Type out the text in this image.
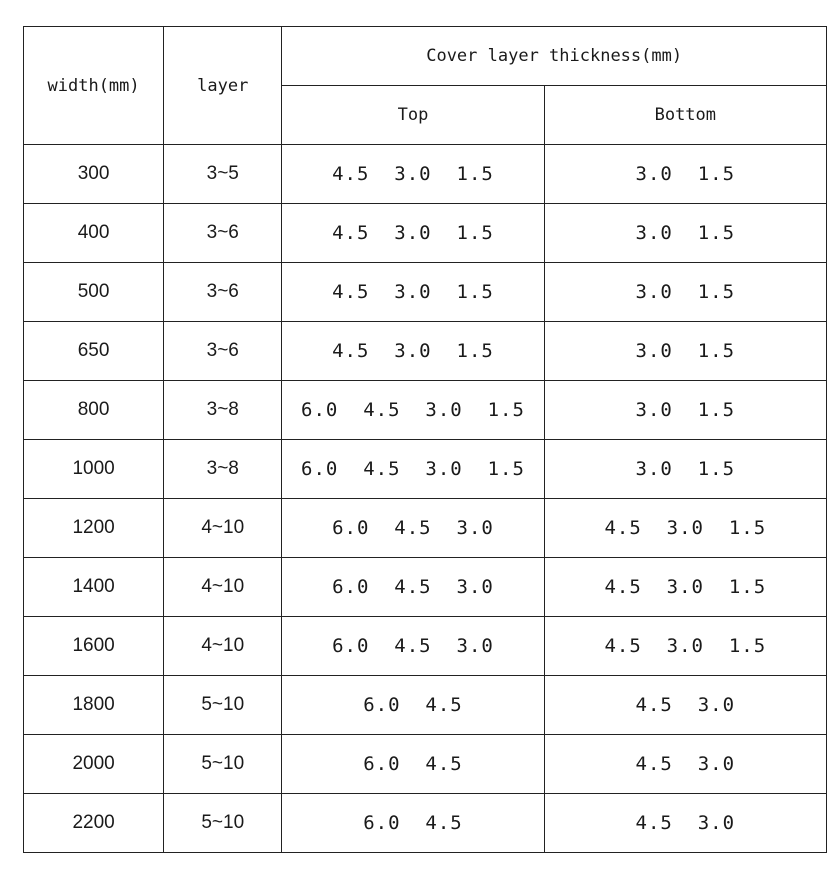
width(mm)	layer	Cover layer thickness(mm)	
		Top	Bottom
300	3~5	4.5  3.0  1.5	3.0  1.5
400	3~6	4.5  3.0  1.5	3.0  1.5
500	3~6	4.5  3.0  1.5	3.0  1.5
650	3~6	4.5  3.0  1.5	3.0  1.5
800	3~8	6.0  4.5  3.0  1.5	3.0  1.5
1000	3~8	6.0  4.5  3.0  1.5	3.0  1.5
1200	4~10	6.0  4.5  3.0	4.5  3.0  1.5
1400	4~10	6.0  4.5  3.0	4.5  3.0  1.5
1600	4~10	6.0  4.5  3.0	4.5  3.0  1.5
1800	5~10	6.0  4.5	4.5  3.0
2000	5~10	6.0  4.5	4.5  3.0
2200	5~10	6.0  4.5	4.5  3.0
